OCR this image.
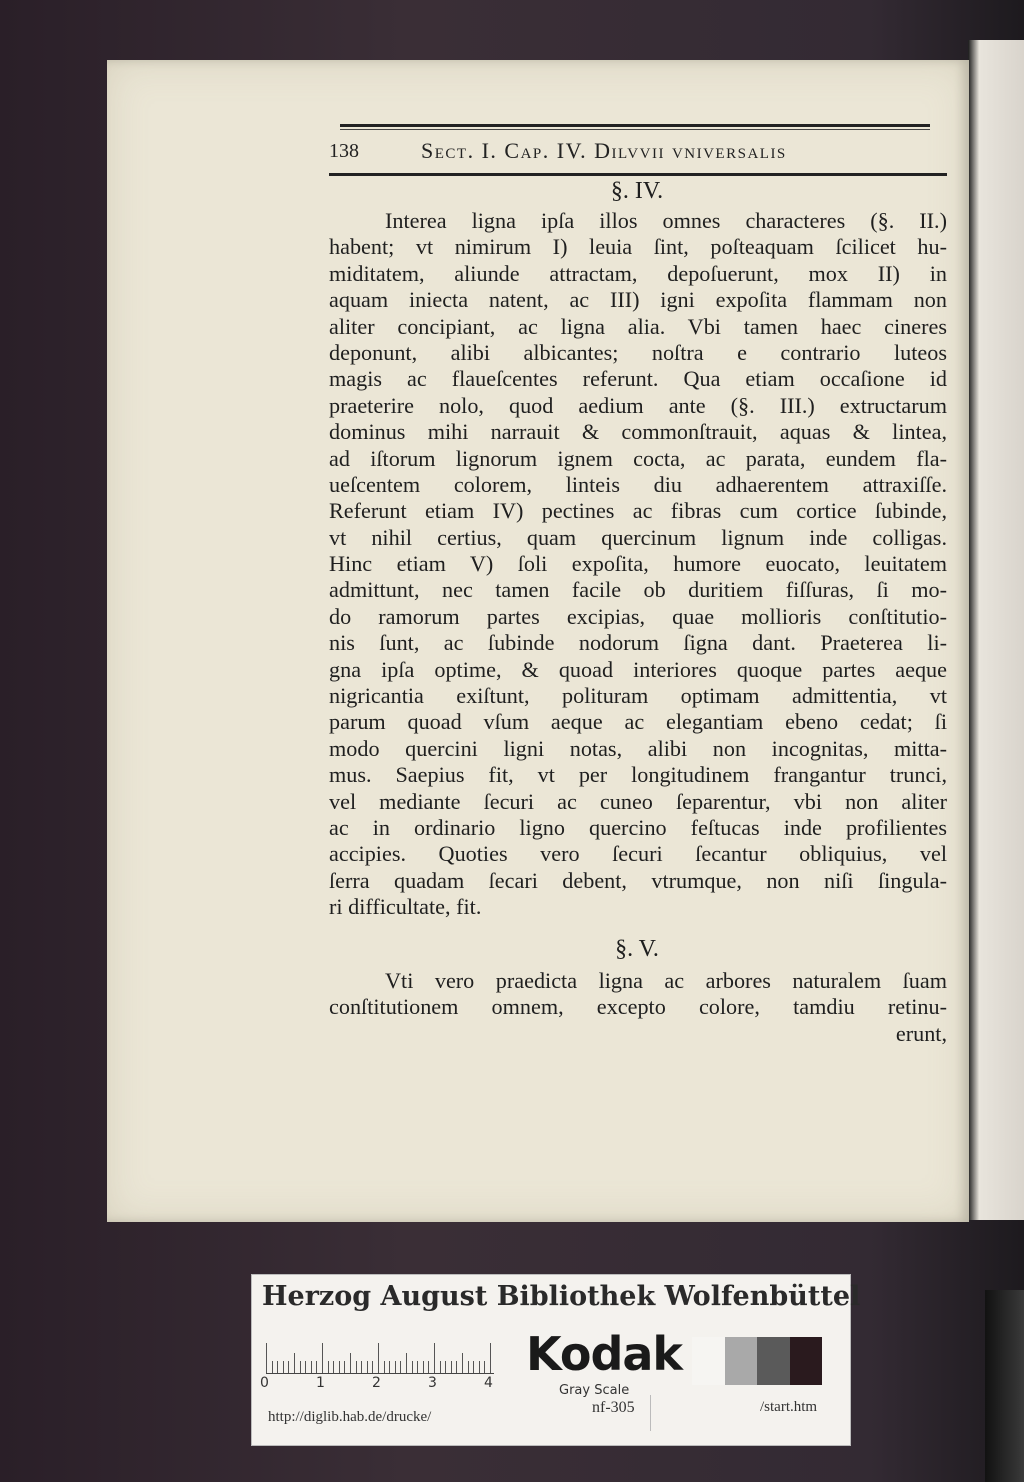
138	Sect. I. Cap. IV. Dilvvii vniversalis
§. IV.
Interea ligna ipſa illos omnes characteres (§. II.)
habent; vt nimirum I) leuia ſint, poſteaquam ſcilicet hu-
miditatem, aliunde attractam, depoſuerunt, mox II) in
aquam iniecta natent, ac III) igni expoſita flammam non
aliter concipiant, ac ligna alia. Vbi tamen haec cineres
deponunt, alibi albicantes; noſtra e contrario luteos
magis ac flaueſcentes referunt. Qua etiam occaſione id
praeterire nolo, quod aedium ante (§. III.) extructarum
dominus mihi narrauit & commonſtrauit, aquas & lintea,
ad iſtorum lignorum ignem cocta, ac parata, eundem fla-
ueſcentem colorem, linteis diu adhaerentem attraxiſſe.
Referunt etiam IV) pectines ac fibras cum cortice ſubinde,
vt nihil certius, quam quercinum lignum inde colligas.
Hinc etiam V) ſoli expoſita, humore euocato, leuitatem
admittunt, nec tamen facile ob duritiem fiſſuras, ſi mo-
do ramorum partes excipias, quae mollioris conſtitutio-
nis ſunt, ac ſubinde nodorum ſigna dant. Praeterea li-
gna ipſa optime, & quoad interiores quoque partes aeque
nigricantia exiſtunt, polituram optimam admittentia, vt
parum quoad vſum aeque ac elegantiam ebeno cedat; ſi
modo quercini ligni notas, alibi non incognitas, mitta-
mus. Saepius fit, vt per longitudinem frangantur trunci,
vel mediante ſecuri ac cuneo ſeparentur, vbi non aliter
ac in ordinario ligno quercino feſtucas inde profilientes
accipies. Quoties vero ſecuri ſecantur obliquius, vel
ſerra quadam ſecari debent, vtrumque, non niſi ſingula-
ri difficultate, fit.
§. V.
Vti vero praedicta ligna ac arbores naturalem ſuam
conſtitutionem omnem, excepto colore, tamdiu retinu-
erunt,
Herzog August Bibliothek Wolfenbüttel
0	1	2	3	4
Kodak
Gray Scale
http://diglib.hab.de/drucke/
nf-305	/start.htm
